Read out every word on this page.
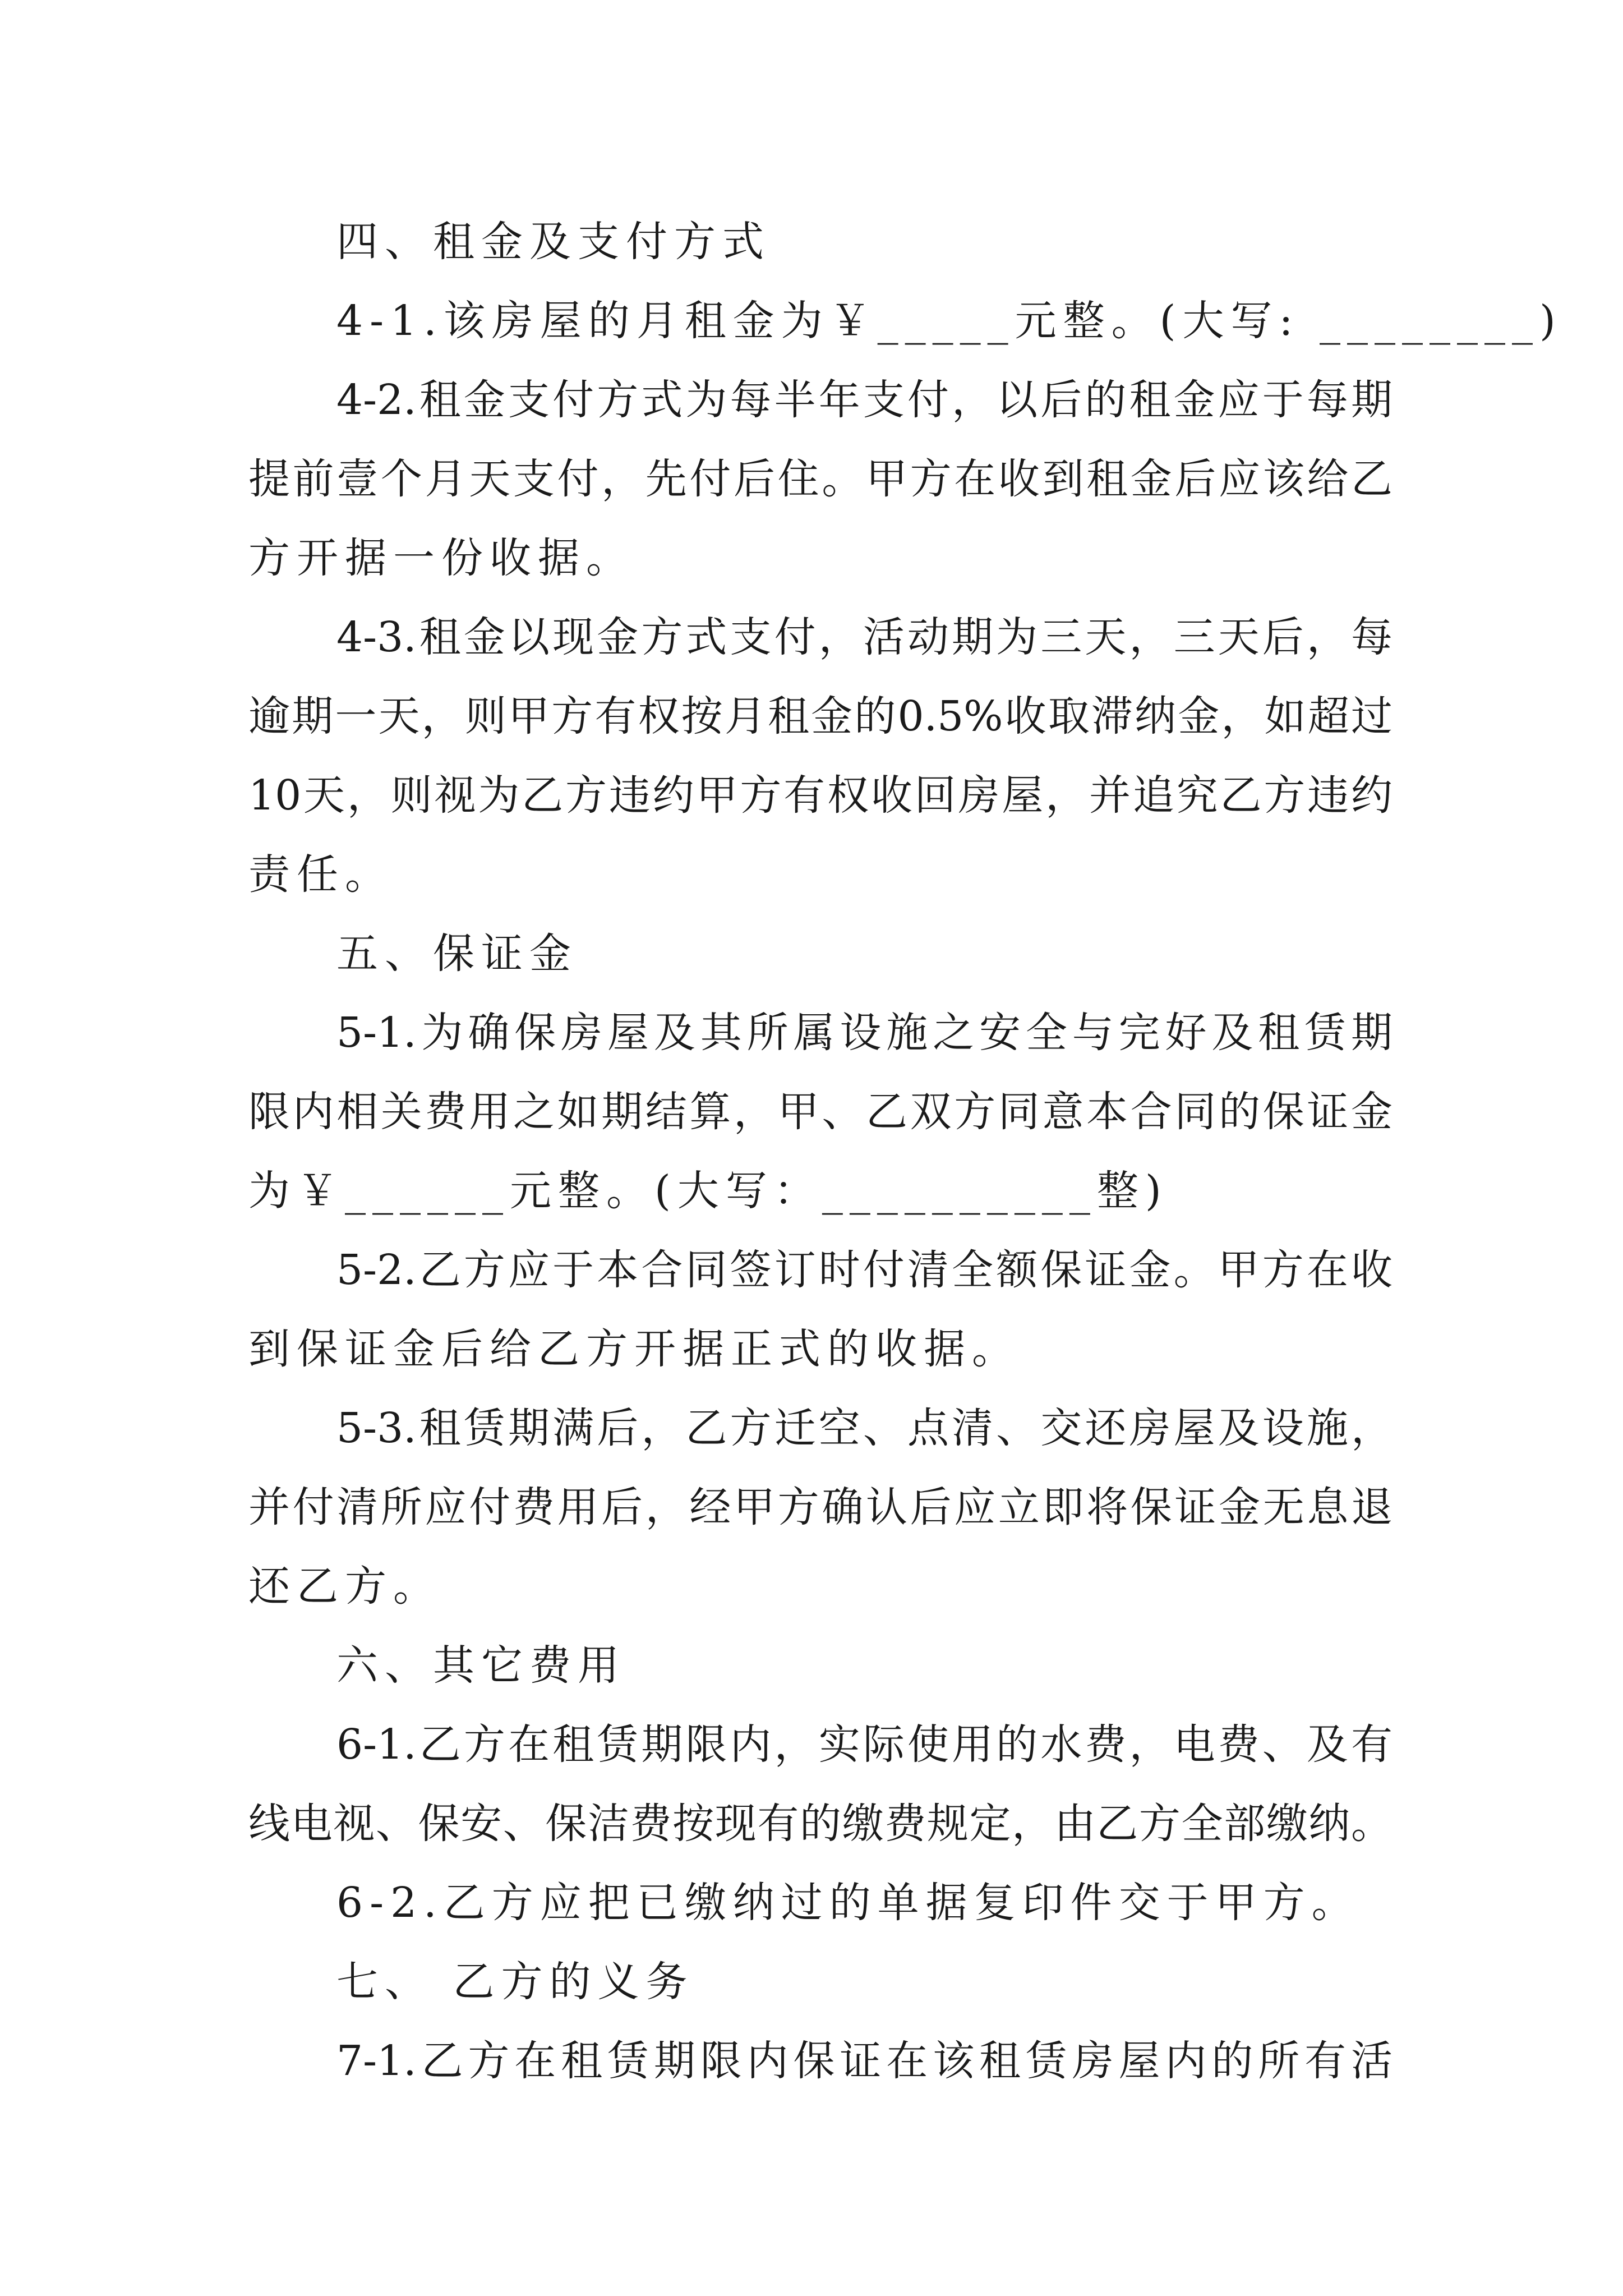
四、租金及支付方式

4-1.该房屋的月租金为￥_____元整。(大写: ________)

4-2.租金支付方式为每半年支付，以后的租金应于每期

提前壹个月天支付，先付后住。甲方在收到租金后应该给乙

方开据一份收据。

4-3.租金以现金方式支付，活动期为三天，三天后，每

逾期一天，则甲方有权按月租金的0.5%收取滞纳金，如超过

10天，则视为乙方违约甲方有权收回房屋，并追究乙方违约

责任。

五、保证金

5-1.为确保房屋及其所属设施之安全与完好及租赁期

限内相关费用之如期结算，甲、乙双方同意本合同的保证金

为￥______元整。(大写：__________整)

5-2.乙方应于本合同签订时付清全额保证金。甲方在收

到保证金后给乙方开据正式的收据。

5-3.租赁期满后，乙方迁空、点清、交还房屋及设施，

并付清所应付费用后，经甲方确认后应立即将保证金无息退

还乙方。

六、其它费用

6-1.乙方在租赁期限内，实际使用的水费，电费、及有

线电视、保安、保洁费按现有的缴费规定，由乙方全部缴纳。

6-2.乙方应把已缴纳过的单据复印件交于甲方。

七、 乙方的义务

7-1.乙方在租赁期限内保证在该租赁房屋内的所有活
